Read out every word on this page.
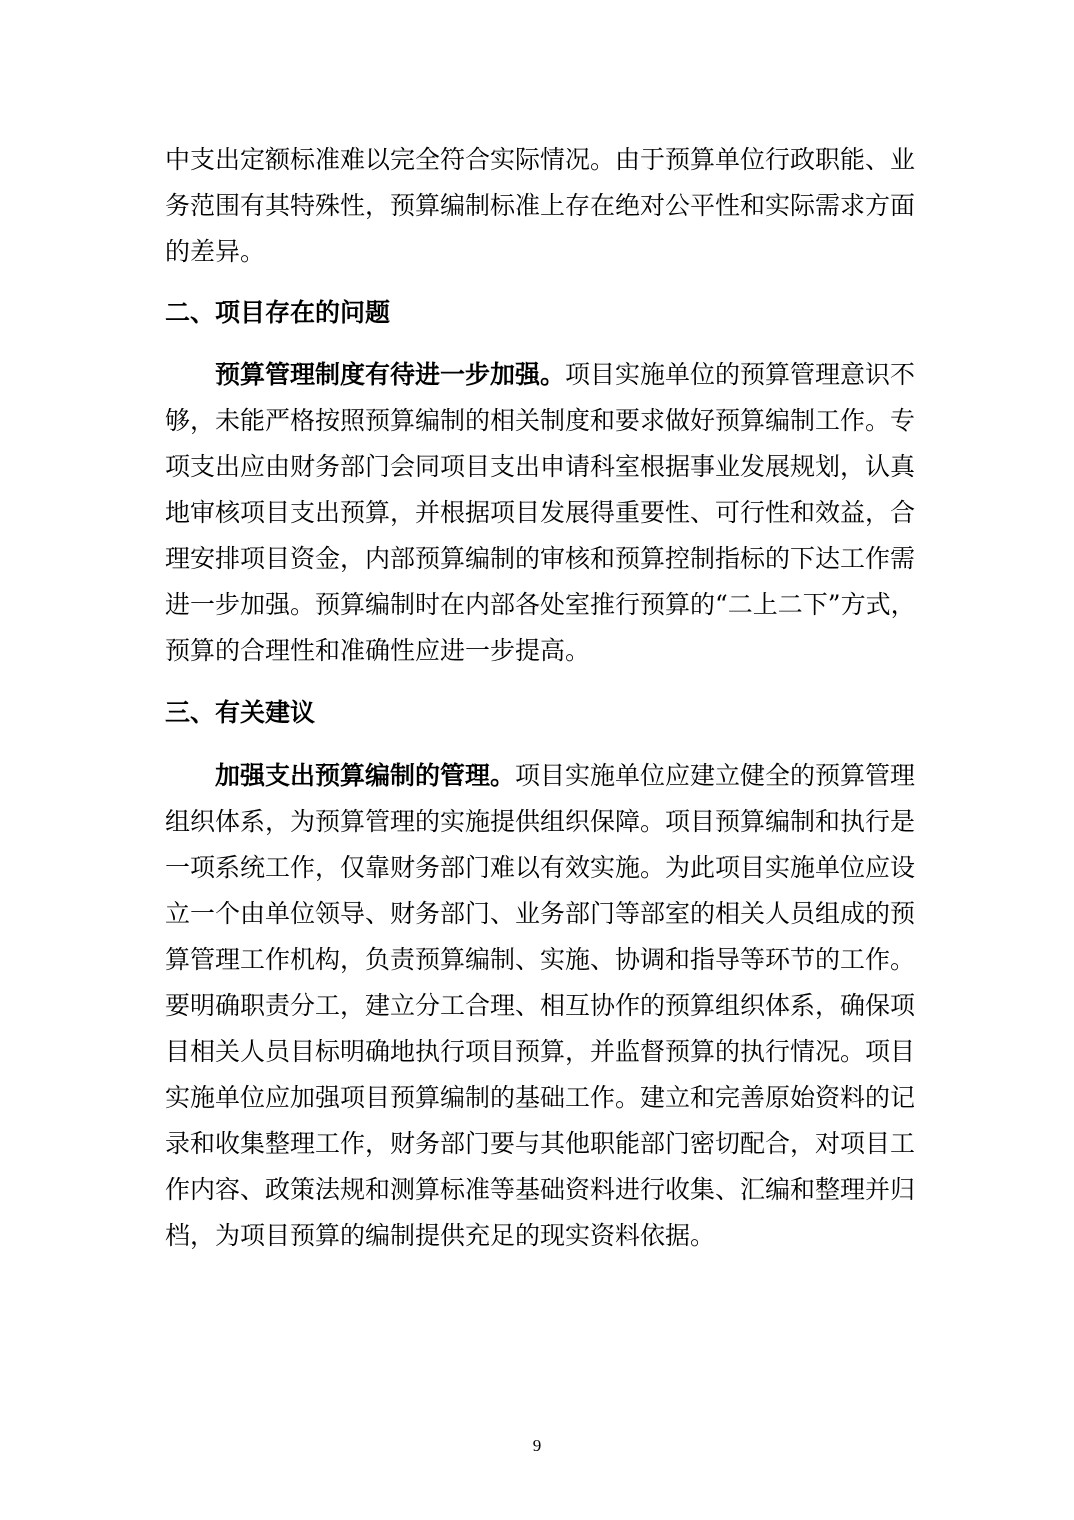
中支出定额标准难以完全符合实际情况。由于预算单位行政职能、业
务范围有其特殊性，预算编制标准上存在绝对公平性和实际需求方面
的差异。
二、项目存在的问题
预算管理制度有待进一步加强。项目实施单位的预算管理意识不
够，未能严格按照预算编制的相关制度和要求做好预算编制工作。专
项支出应由财务部门会同项目支出申请科室根据事业发展规划，认真
地审核项目支出预算，并根据项目发展得重要性、可行性和效益，合
理安排项目资金，内部预算编制的审核和预算控制指标的下达工作需
进一步加强。预算编制时在内部各处室推行预算的“二上二下”方式，
预算的合理性和准确性应进一步提高。
三、有关建议
加强支出预算编制的管理。项目实施单位应建立健全的预算管理
组织体系，为预算管理的实施提供组织保障。项目预算编制和执行是
一项系统工作，仅靠财务部门难以有效实施。为此项目实施单位应设
立一个由单位领导、财务部门、业务部门等部室的相关人员组成的预
算管理工作机构，负责预算编制、实施、协调和指导等环节的工作。
要明确职责分工，建立分工合理、相互协作的预算组织体系，确保项
目相关人员目标明确地执行项目预算，并监督预算的执行情况。项目
实施单位应加强项目预算编制的基础工作。建立和完善原始资料的记
录和收集整理工作，财务部门要与其他职能部门密切配合，对项目工
作内容、政策法规和测算标准等基础资料进行收集、汇编和整理并归
档，为项目预算的编制提供充足的现实资料依据。
9
